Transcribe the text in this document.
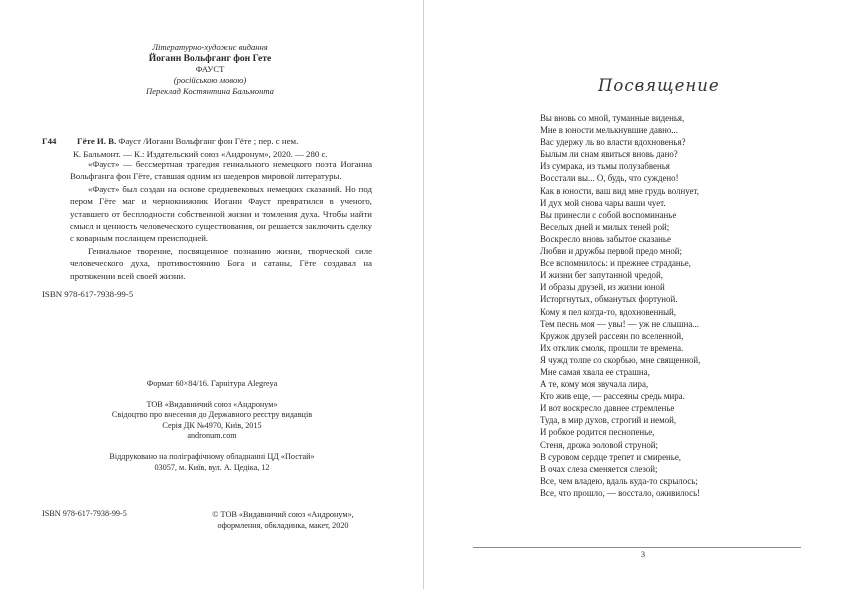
Літературно-художнє видання
Йоганн Вольфганг фон Гете
ФАУСТ
(російською мовою)
Переклад Костянтина Бальмонта
Г44 Гёте И. В. Фауст /Иоганн Вольфганг фон Гёте ; пер. с нем.
К. Бальмонт. — К.: Издательский союз «Андронум», 2020. — 280 с.

«Фауст» — бессмертная трагедия гениального немецкого поэта Иоганна Вольфганга фон Гёте, ставшая одним из шедевров мировой литературы.

«Фауст» был создан на основе средневековых немецких сказаний. Но под пером Гёте маг и чернокнижник Иоганн Фауст превратился в ученого, уставшего от бесплодности собственной жизни и томления духа. Чтобы найти смысл и ценность человеческого существования, он решается заключить сделку с коварным посланцем преисподней.

Гениальное творение, посвященное познанию жизни, творческой силе человеческого духа, противостоянию Бога и сатаны, Гёте создавал на протяжении всей своей жизни.

ISBN 978-617-7938-99-5
Формат 60×84/16. Гарнітура Alegreya
ТОВ «Видавничий союз «Андронум»
Свідоцтво про внесення до Державного реєстру видавців
Серія ДК №4970, Київ, 2015
andronum.com
Віддруковано на поліграфічному обладнанні ЦД «Постай»
03057, м. Київ, вул. А. Цедіка, 12
ISBN 978-617-7938-99-5	© ТОВ «Видавничий союз «Андронум»,
оформлення, обкладинка, макет, 2020
Посвящение
Вы вновь со мной, туманные виденья,
Мне в юности мелькнувшие давно...
Вас удержу ль во власти вдохновенья?
Былым ли снам явиться вновь дано?
Из сумрака, из тьмы полузабвенья
Восстали вы... О, будь, что суждено!
Как в юности, ваш вид мне грудь волнует,
И дух мой снова чары ваши чует.
Вы принесли с собой воспоминанье
Веселых дней и милых теней рой;
Воскресло вновь забытое сказанье
Любви и дружбы первой предо мной;
Все вспомнилось: и прежнее страданье,
И жизни бег запутанной чредой,
И образы друзей, из жизни юной
Исторгнутых, обманутых фортуной.
Кому я пел когда-то, вдохновенный,
Тем песнь моя — увы! — уж не слышна...
Кружок друзей рассеян по вселенной,
Их отклик смолк, прошли те времена.
Я чужд толпе со скорбью, мне священной,
Мне самая хвала ее страшна,
А те, кому моя звучала лира,
Кто жив еще, — рассеяны средь мира.
И вот воскресло давнее стремленье
Туда, в мир духов, строгий и немой,
И робкое родится песнопенье,
Стеня, дрожа эоловой струной;
В суровом сердце трепет и смиренье,
В очах слеза сменяется слезой;
Все, чем владею, вдаль куда-то скрылось;
Все, что прошло, — восстало, оживилось!
3
